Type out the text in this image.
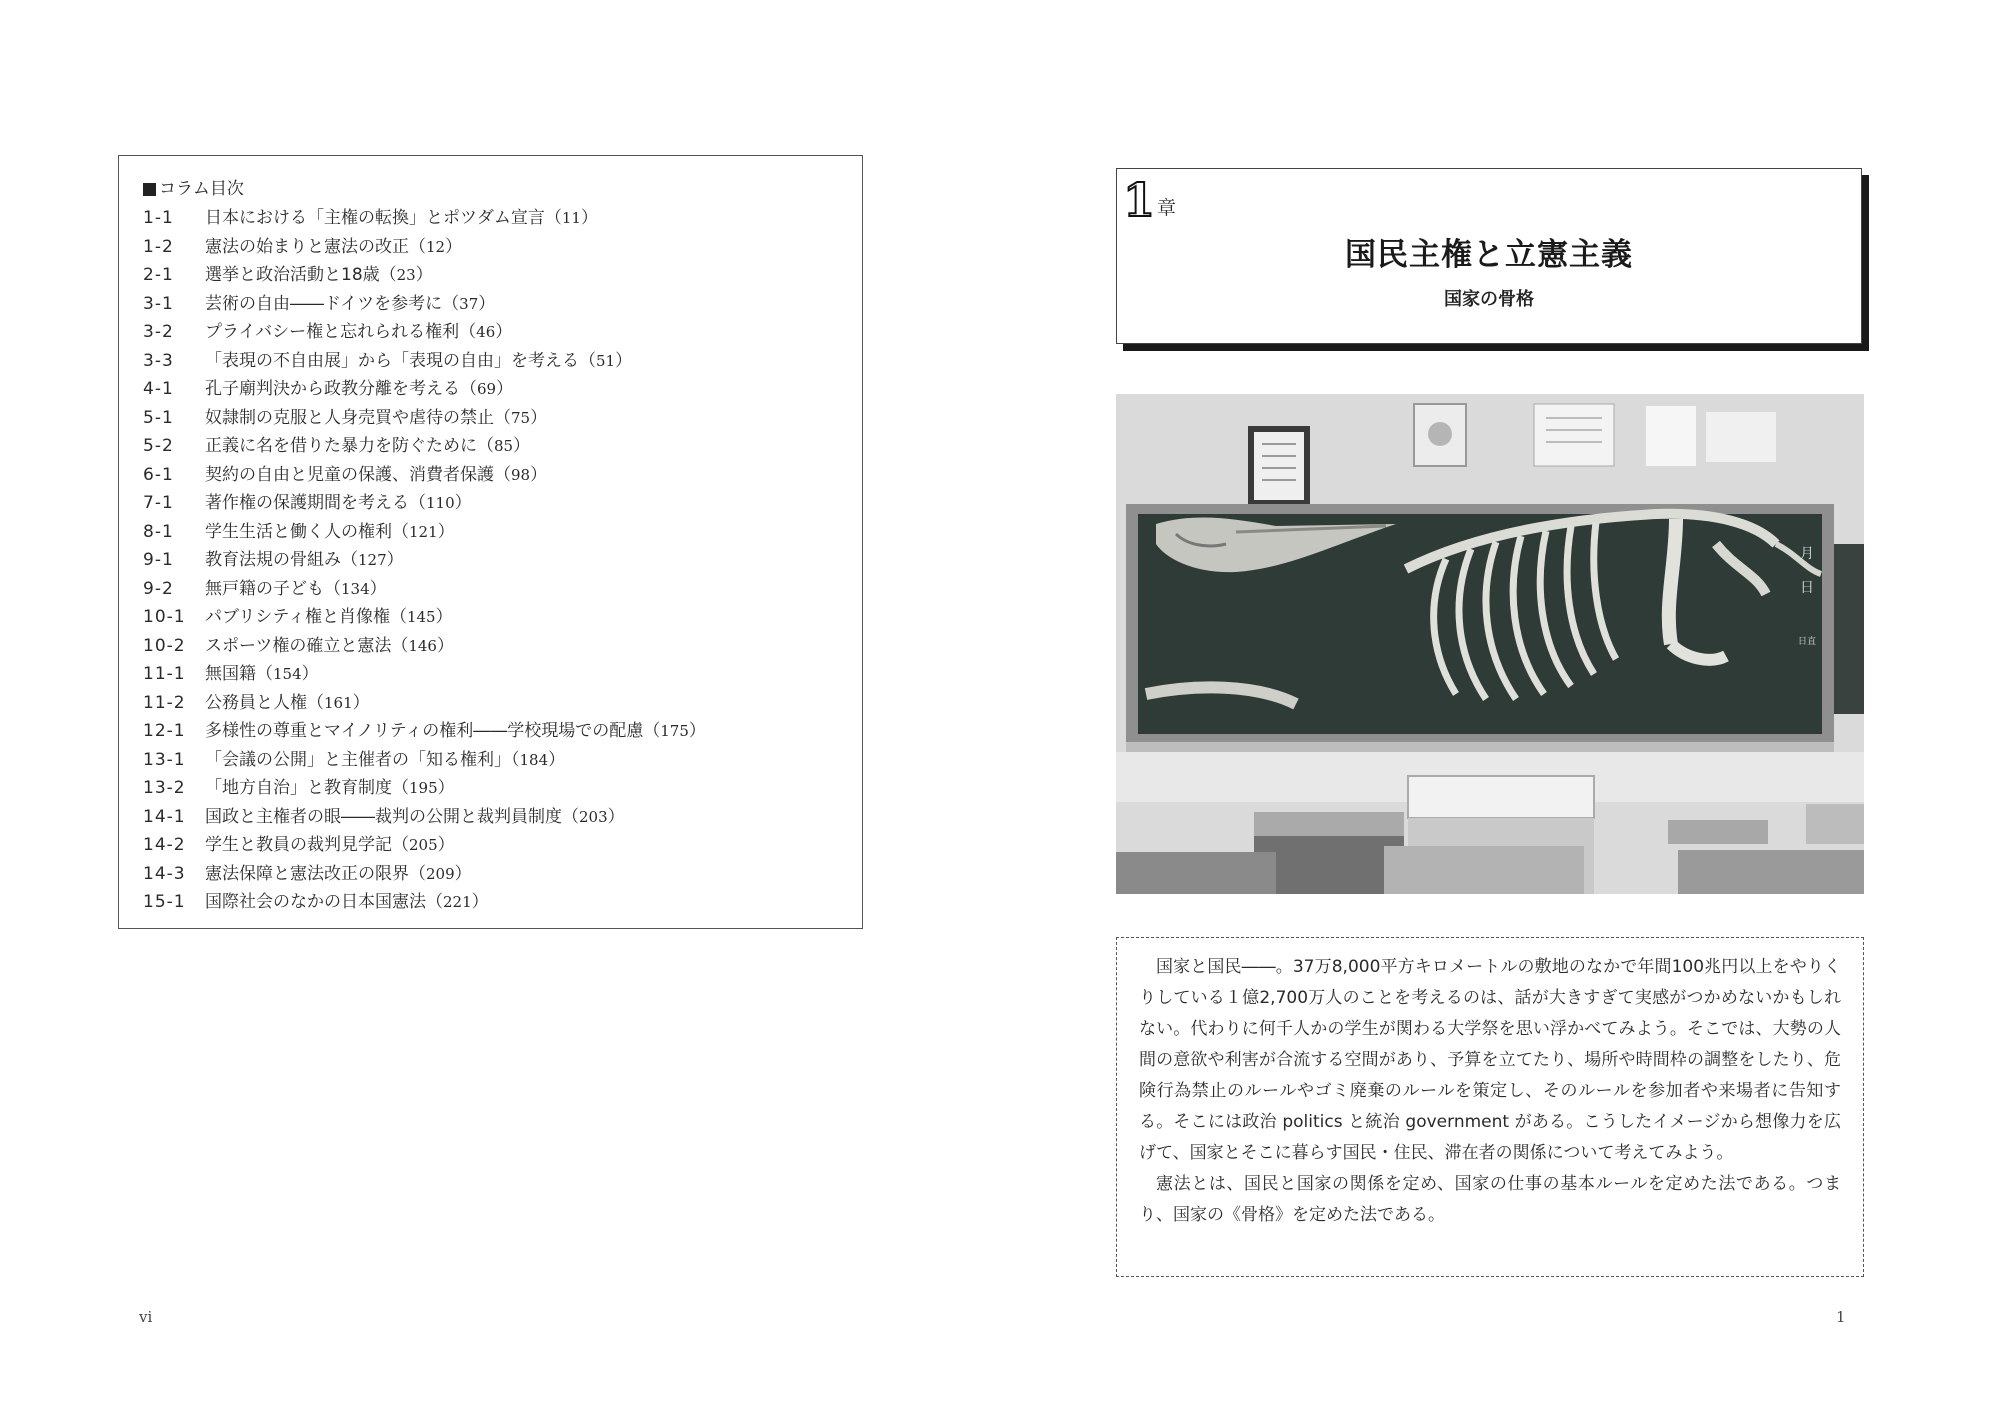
コラム目次
1-1 日本における「主権の転換」とポツダム宣言（11）
1-2 憲法の始まりと憲法の改正（12）
2-1 選挙と政治活動と18歳（23）
3-1 芸術の自由――ドイツを参考に（37）
3-2 プライバシー権と忘れられる権利（46）
3-3 「表現の不自由展」から「表現の自由」を考える（51）
4-1 孔子廟判決から政教分離を考える（69）
5-1 奴隷制の克服と人身売買や虐待の禁止（75）
5-2 正義に名を借りた暴力を防ぐために（85）
6-1 契約の自由と児童の保護、消費者保護（98）
7-1 著作権の保護期間を考える（110）
8-1 学生生活と働く人の権利（121）
9-1 教育法規の骨組み（127）
9-2 無戸籍の子ども（134）
10-1 パブリシティ権と肖像権（145）
10-2 スポーツ権の確立と憲法（146）
11-1 無国籍（154）
11-2 公務員と人権（161）
12-1 多様性の尊重とマイノリティの権利――学校現場での配慮（175）
13-1 「会議の公開」と主催者の「知る権利」（184）
13-2 「地方自治」と教育制度（195）
14-1 国政と主権者の眼――裁判の公開と裁判員制度（203）
14-2 学生と教員の裁判見学記（205）
14-3 憲法保障と憲法改正の限界（209）
15-1 国際社会のなかの日本国憲法（221）
vi
1 章
国民主権と立憲主義
国家の骨格
月
日
日直

国家と国民――。37万8,000平方キロメートルの敷地のなかで年間100兆円以上をやりくりしている１億2,700万人のことを考えるのは、話が大きすぎて実感がつかめないかもしれない。代わりに何千人かの学生が関わる大学祭を思い浮かべてみよう。そこでは、大勢の人間の意欲や利害が合流する空間があり、予算を立てたり、場所や時間枠の調整をしたり、危険行為禁止のルールやゴミ廃棄のルールを策定し、そのルールを参加者や来場者に告知する。そこには政治 politics と統治 government がある。こうしたイメージから想像力を広げて、国家とそこに暮らす国民・住民、滞在者の関係について考えてみよう。

憲法とは、国民と国家の関係を定め、国家の仕事の基本ルールを定めた法である。つまり、国家の《骨格》を定めた法である。

1
